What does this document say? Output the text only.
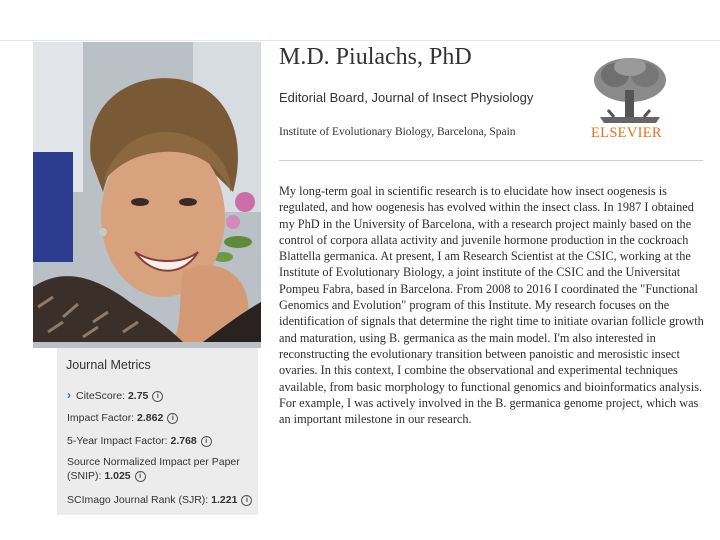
Journal Metrics
› CiteScore: 2.75 i
Impact Factor: 2.862 i
5-Year Impact Factor: 2.768 i
Source Normalized Impact per Paper (SNIP): 1.025 i
SCImago Journal Rank (SJR): 1.221 i
M.D. Piulachs, PhD
Editorial Board, Journal of Insect Physiology
Institute of Evolutionary Biology, Barcelona, Spain	ELSEVIER

My long-term goal in scientific research is to elucidate how insect oogenesis is regulated, and how oogenesis has evolved within the insect class. In 1987 I obtained my PhD in the University of Barcelona, with a research project mainly based on the control of corpora allata activity and juvenile hormone production in the cockroach Blattella germanica. At present, I am Research Scientist at the CSIC, working at the Institute of Evolutionary Biology, a joint institute of the CSIC and the Universitat Pompeu Fabra, based in Barcelona. From 2008 to 2016 I coordinated the "Functional Genomics and Evolution" program of this Institute. My research focuses on the identification of signals that determine the right time to initiate ovarian follicle growth and maturation, using B. germanica as the main model. I'm also interested in reconstructing the evolutionary transition between panoistic and merosistic insect ovaries. In this context, I combine the observational and experimental techniques available, from basic morphology to functional genomics and bioinformatics analysis. For example, I was actively involved in the B. germanica genome project, which was an important milestone in our research.
